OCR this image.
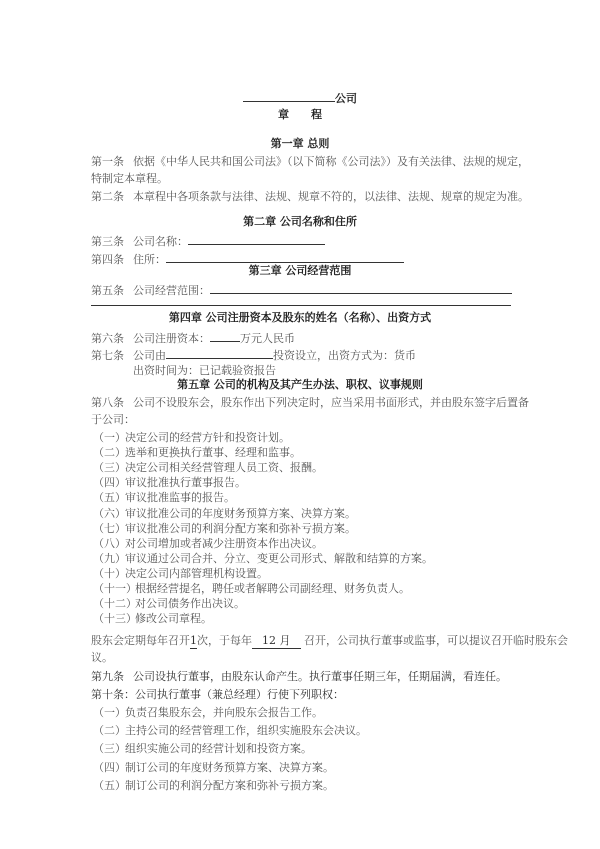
公司
章　　程
第一章 总则
第一条 依据《中华人民共和国公司法》（以下简称《公司法》）及有关法律、法规的规定，
特制定本章程。
第二条 本章程中各项条款与法律、法规、规章不符的，以法律、法规、规章的规定为准。
第二章 公司名称和住所
第三条 公司名称：
第四条 住所：
第三章 公司经营范围
第五条 公司经营范围：
第四章 公司注册资本及股东的姓名（名称）、出资方式
第六条 公司注册资本：	万元人民币
第七条 公司由	投资设立，出资方式为：货币
出资时间为：已记载验资报告
第五章 公司的机构及其产生办法、职权、议事规则
第八条 公司不设股东会，股东作出下列决定时，应当采用书面形式，并由股东签字后置备
于公司：
（一）决定公司的经营方针和投资计划。
（二）选举和更换执行董事、经理和监事。
（三）决定公司相关经营管理人员工资、报酬。
（四）审议批准执行董事报告。
（五）审议批准监事的报告。
（六）审议批准公司的年度财务预算方案、决算方案。
（七）审议批准公司的利润分配方案和弥补亏损方案。
（八）对公司增加或者减少注册资本作出决议。
（九）审议通过公司合并、分立、变更公司形式、解散和结算的方案。
（十）决定公司内部管理机构设置。
（十一）根据经营提名，聘任或者解聘公司副经理、财务负责人。
（十二）对公司债务作出决议。
（十三）修改公司章程。
股东会定期每年召开1次，于每年 12 月 召开，公司执行董事或监事，可以提议召开临时股东会
议。
第九条 公司设执行董事，由股东认命产生。执行董事任期三年，任期届满，看连任。
第十条：公司执行董事（兼总经理）行使下列职权：
（一）负责召集股东会，并向股东会报告工作。
（二）主持公司的经营管理工作，组织实施股东会决议。
（三）组织实施公司的经营计划和投资方案。
（四）制订公司的年度财务预算方案、决算方案。
（五）制订公司的利润分配方案和弥补亏损方案。
